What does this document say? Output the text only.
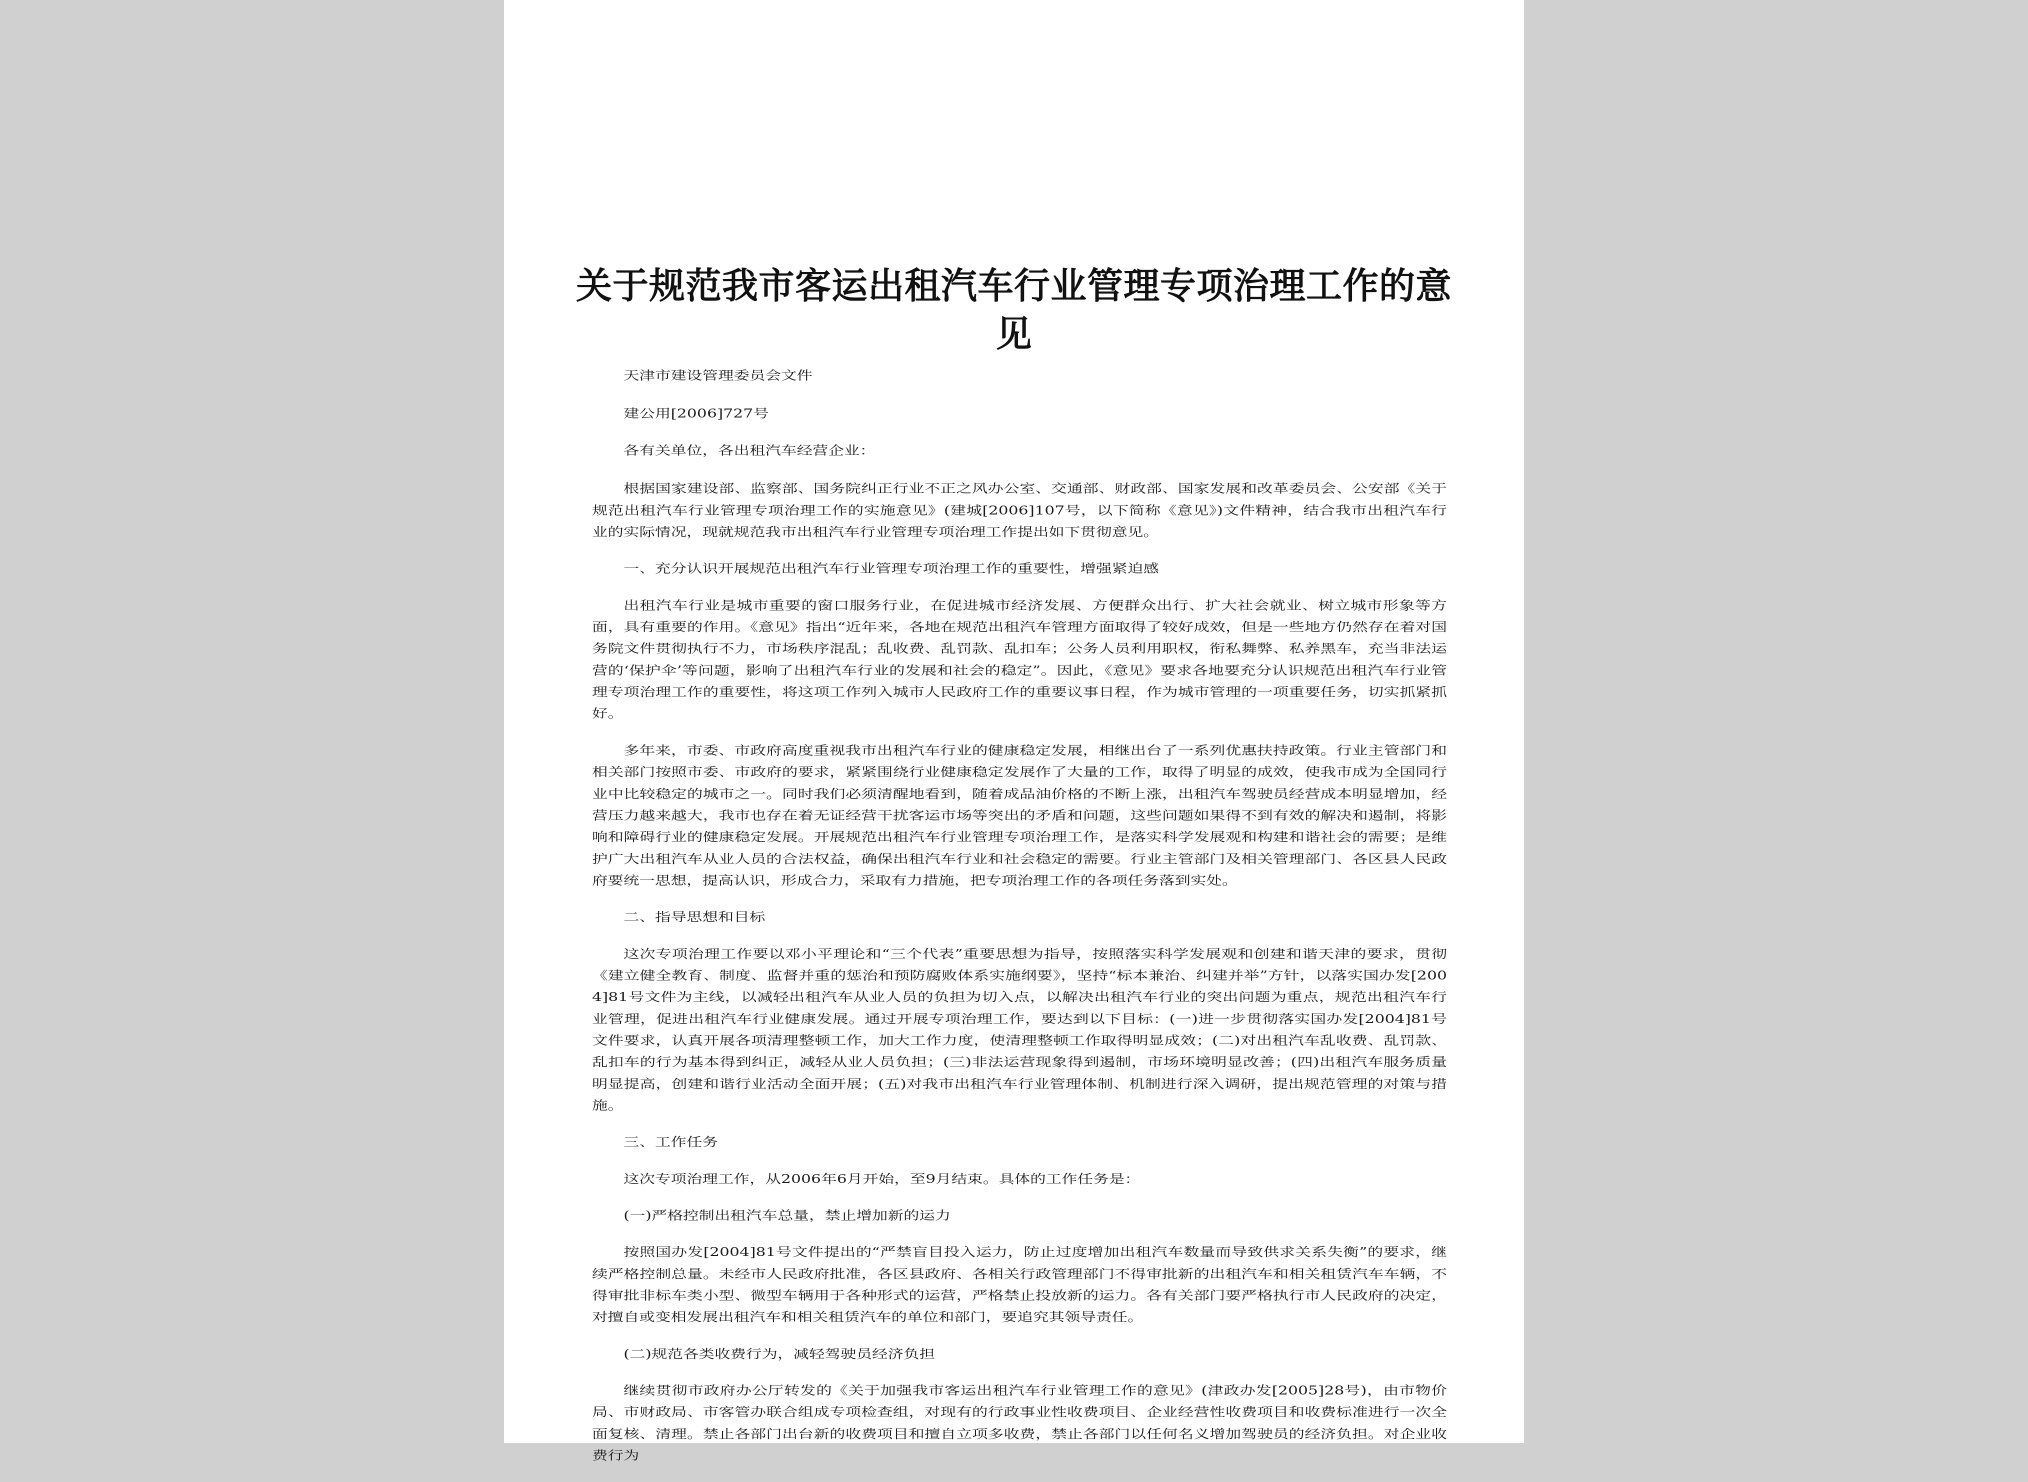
关于规范我市客运出租汽车行业管理专项治理工作的意见
天津市建设管理委员会文件
建公用[2006]727号
各有关单位，各出租汽车经营企业：
根据国家建设部、监察部、国务院纠正行业不正之风办公室、交通部、财政部、国家发展和改革委员会、公安部《关于规范出租汽车行业管理专项治理工作的实施意见》(建城[2006]107号，以下简称《意见》)文件精神，结合我市出租汽车行业的实际情况，现就规范我市出租汽车行业管理专项治理工作提出如下贯彻意见。
一、充分认识开展规范出租汽车行业管理专项治理工作的重要性，增强紧迫感
出租汽车行业是城市重要的窗口服务行业，在促进城市经济发展、方便群众出行、扩大社会就业、树立城市形象等方面，具有重要的作用。《意见》指出“近年来，各地在规范出租汽车管理方面取得了较好成效，但是一些地方仍然存在着对国务院文件贯彻执行不力，市场秩序混乱；乱收费、乱罚款、乱扣车；公务人员利用职权，衔私舞弊、私养黑车，充当非法运营的‘保护伞’等问题，影响了出租汽车行业的发展和社会的稳定”。因此，《意见》要求各地要充分认识规范出租汽车行业管理专项治理工作的重要性，将这项工作列入城市人民政府工作的重要议事日程，作为城市管理的一项重要任务，切实抓紧抓好。
多年来，市委、市政府高度重视我市出租汽车行业的健康稳定发展，相继出台了一系列优惠扶持政策。行业主管部门和相关部门按照市委、市政府的要求，紧紧围绕行业健康稳定发展作了大量的工作，取得了明显的成效，使我市成为全国同行业中比较稳定的城市之一。同时我们必须清醒地看到，随着成品油价格的不断上涨，出租汽车驾驶员经营成本明显增加，经营压力越来越大，我市也存在着无证经营干扰客运市场等突出的矛盾和问题，这些问题如果得不到有效的解决和遏制，将影响和障碍行业的健康稳定发展。开展规范出租汽车行业管理专项治理工作，是落实科学发展观和构建和谐社会的需要；是维护广大出租汽车从业人员的合法权益，确保出租汽车行业和社会稳定的需要。行业主管部门及相关管理部门、各区县人民政府要统一思想，提高认识，形成合力，采取有力措施，把专项治理工作的各项任务落到实处。
二、指导思想和目标
这次专项治理工作要以邓小平理论和“三个代表”重要思想为指导，按照落实科学发展观和创建和谐天津的要求，贯彻《建立健全教育、制度、监督并重的惩治和预防腐败体系实施纲要》，坚持“标本兼治、纠建并举”方针，以落实国办发[2004]81号文件为主线，以减轻出租汽车从业人员的负担为切入点，以解决出租汽车行业的突出问题为重点，规范出租汽车行业管理，促进出租汽车行业健康发展。通过开展专项治理工作，要达到以下目标：(一)进一步贯彻落实国办发[2004]81号文件要求，认真开展各项清理整顿工作，加大工作力度，使清理整顿工作取得明显成效；(二)对出租汽车乱收费、乱罚款、乱扣车的行为基本得到纠正，减轻从业人员负担；(三)非法运营现象得到遏制，市场环境明显改善；(四)出租汽车服务质量明显提高，创建和谐行业活动全面开展；(五)对我市出租汽车行业管理体制、机制进行深入调研，提出规范管理的对策与措施。
三、工作任务
这次专项治理工作，从2006年6月开始，至9月结束。具体的工作任务是：
(一)严格控制出租汽车总量，禁止增加新的运力
按照国办发[2004]81号文件提出的“严禁盲目投入运力，防止过度增加出租汽车数量而导致供求关系失衡”的要求，继续严格控制总量。未经市人民政府批准，各区县政府、各相关行政管理部门不得审批新的出租汽车和相关租赁汽车车辆，不得审批非标车类小型、微型车辆用于各种形式的运营，严格禁止投放新的运力。各有关部门要严格执行市人民政府的决定，对擅自或变相发展出租汽车和相关租赁汽车的单位和部门，要追究其领导责任。
(二)规范各类收费行为，减轻驾驶员经济负担
继续贯彻市政府办公厅转发的《关于加强我市客运出租汽车行业管理工作的意见》(津政办发[2005]28号)，由市物价局、市财政局、市客管办联合组成专项检查组，对现有的行政事业性收费项目、企业经营性收费项目和收费标准进行一次全面复核、清理。禁止各部门出台新的收费项目和擅自立项多收费，禁止各部门以任何名义增加驾驶员的经济负担。对企业收费行为
